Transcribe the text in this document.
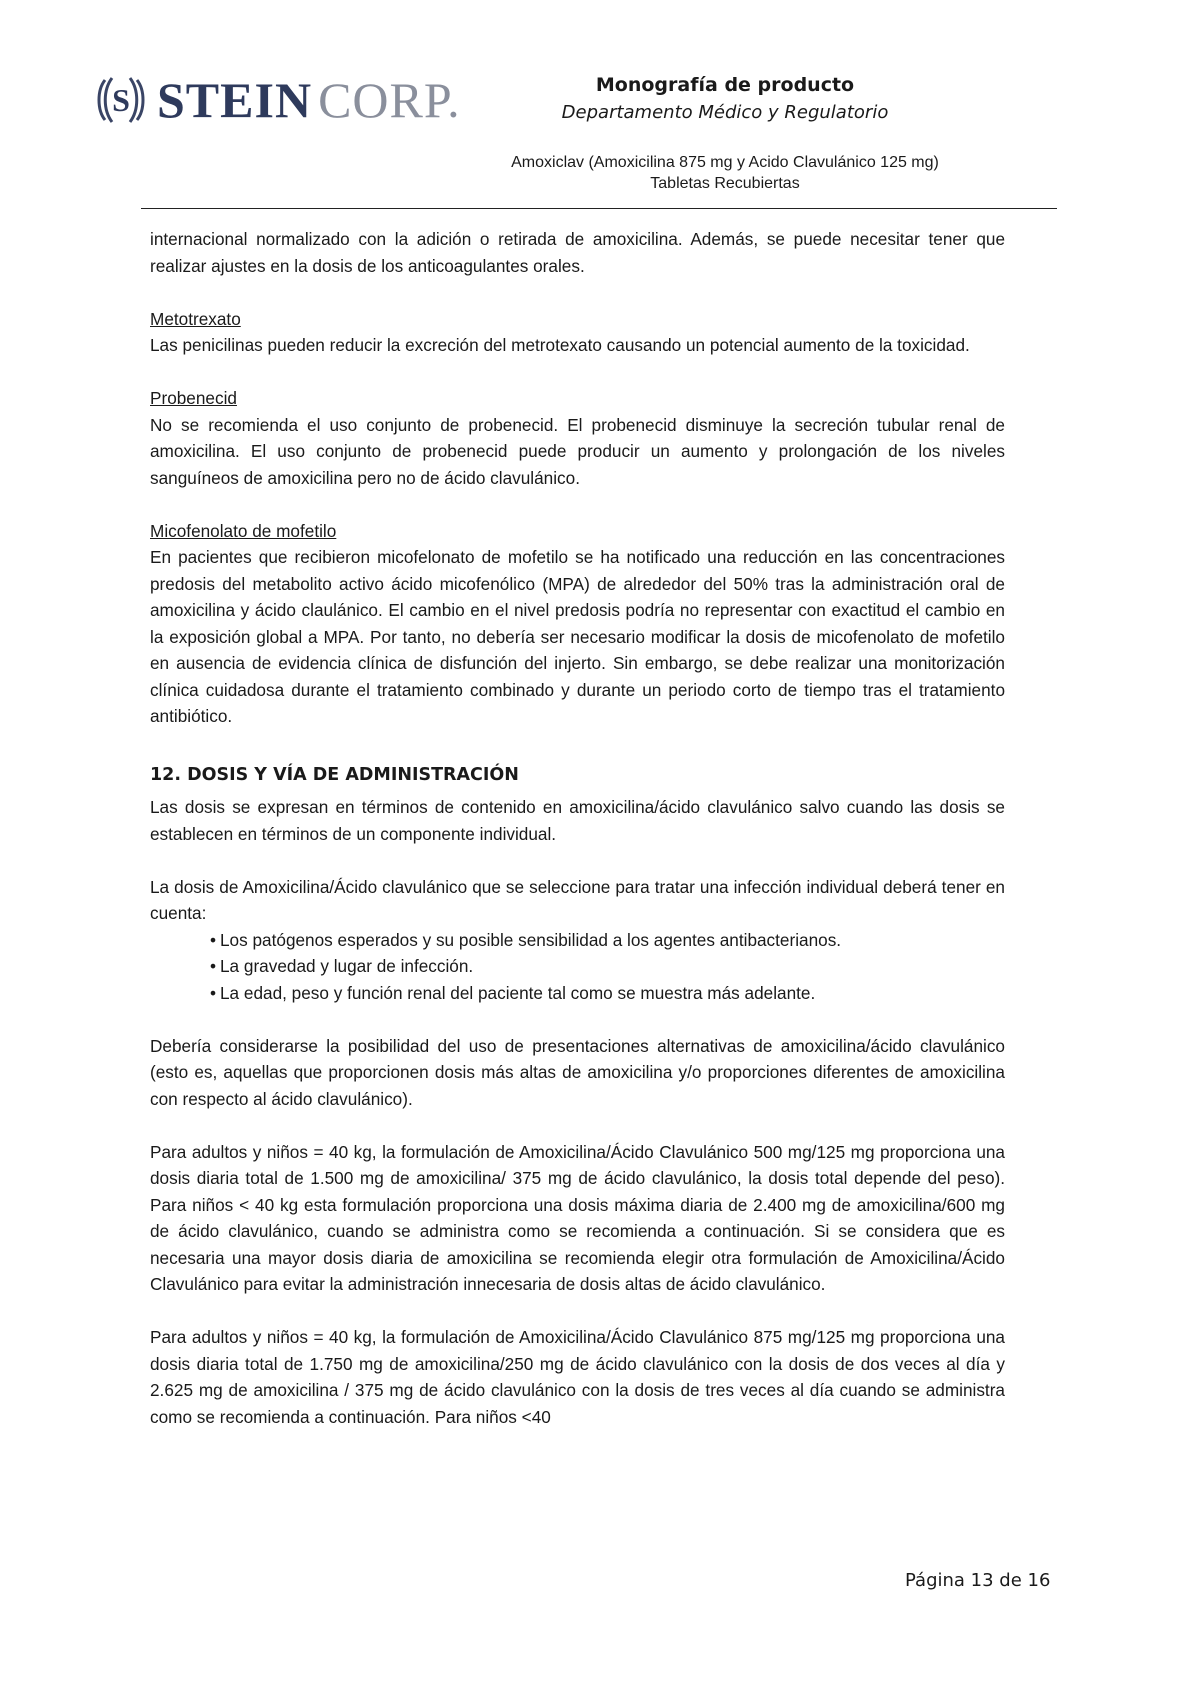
S STEIN CORP.	Monografía de producto
Departamento Médico y Regulatorio
Amoxiclav (Amoxicilina 875 mg y Acido Clavulánico 125 mg)
Tabletas Recubiertas

internacional normalizado con la adición o retirada de amoxicilina. Además, se puede necesitar tener que realizar ajustes en la dosis de los anticoagulantes orales.

Metotrexato

Las penicilinas pueden reducir la excreción del metrotexato causando un potencial aumento de la toxicidad.

Probenecid

No se recomienda el uso conjunto de probenecid. El probenecid disminuye la secreción tubular renal de amoxicilina. El uso conjunto de probenecid puede producir un aumento y prolongación de los niveles sanguíneos de amoxicilina pero no de ácido clavulánico.

Micofenolato de mofetilo

En pacientes que recibieron micofelonato de mofetilo se ha notificado una reducción en las concentraciones predosis del metabolito activo ácido micofenólico (MPA) de alrededor del 50% tras la administración oral de amoxicilina y ácido claulánico. El cambio en el nivel predosis podría no representar con exactitud el cambio en la exposición global a MPA. Por tanto, no debería ser necesario modificar la dosis de micofenolato de mofetilo en ausencia de evidencia clínica de disfunción del injerto. Sin embargo, se debe realizar una monitorización clínica cuidadosa durante el tratamiento combinado y durante un periodo corto de tiempo tras el tratamiento antibiótico.

12. DOSIS Y VÍA DE ADMINISTRACIÓN

Las dosis se expresan en términos de contenido en amoxicilina/ácido clavulánico salvo cuando las dosis se establecen en términos de un componente individual.

La dosis de Amoxicilina/Ácido clavulánico que se seleccione para tratar una infección individual deberá tener en cuenta:

• Los patógenos esperados y su posible sensibilidad a los agentes antibacterianos.
• La gravedad y lugar de infección.
• La edad, peso y función renal del paciente tal como se muestra más adelante.

Debería considerarse la posibilidad del uso de presentaciones alternativas de amoxicilina/ácido clavulánico (esto es, aquellas que proporcionen dosis más altas de amoxicilina y/o proporciones diferentes de amoxicilina con respecto al ácido clavulánico).

Para adultos y niños = 40 kg, la formulación de Amoxicilina/Ácido Clavulánico 500 mg/125 mg proporciona una dosis diaria total de 1.500 mg de amoxicilina/ 375 mg de ácido clavulánico, la dosis total depende del peso). Para niños < 40 kg esta formulación proporciona una dosis máxima diaria de 2.400 mg de amoxicilina/600 mg de ácido clavulánico, cuando se administra como se recomienda a continuación. Si se considera que es necesaria una mayor dosis diaria de amoxicilina se recomienda elegir otra formulación de Amoxicilina/Ácido Clavulánico para evitar la administración innecesaria de dosis altas de ácido clavulánico.

Para adultos y niños = 40 kg, la formulación de Amoxicilina/Ácido Clavulánico 875 mg/125 mg proporciona una dosis diaria total de 1.750 mg de amoxicilina/250 mg de ácido clavulánico con la dosis de dos veces al día y 2.625 mg de amoxicilina / 375 mg de ácido clavulánico con la dosis de tres veces al día cuando se administra como se recomienda a continuación. Para niños <40

Página 13 de 16
